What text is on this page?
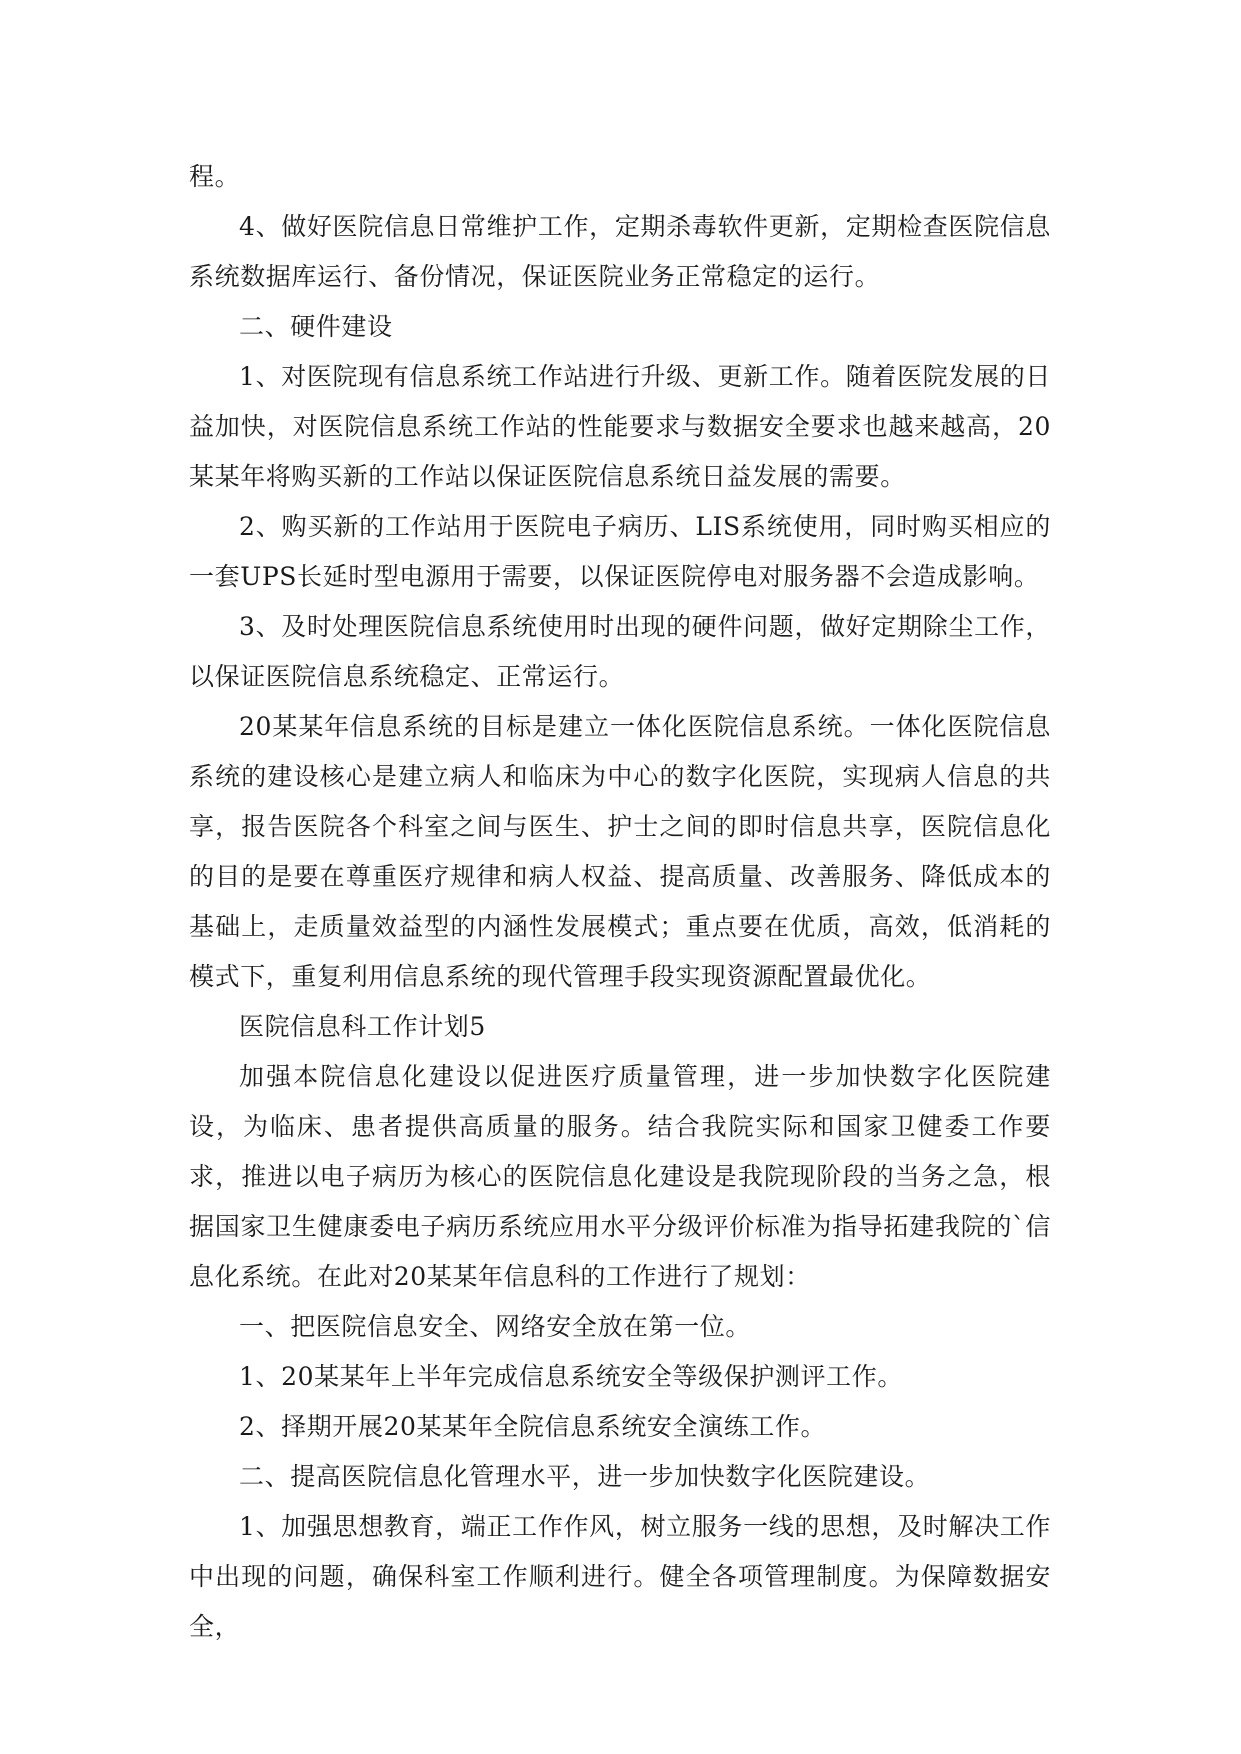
程。

4、做好医院信息日常维护工作，定期杀毒软件更新，定期检查医院信息系统数据库运行、备份情况，保证医院业务正常稳定的运行。

二、硬件建设

1、对医院现有信息系统工作站进行升级、更新工作。随着医院发展的日益加快，对医院信息系统工作站的性能要求与数据安全要求也越来越高，20某某年将购买新的工作站以保证医院信息系统日益发展的需要。

2、购买新的工作站用于医院电子病历、LIS系统使用，同时购买相应的一套UPS长延时型电源用于需要，以保证医院停电对服务器不会造成影响。

3、及时处理医院信息系统使用时出现的硬件问题，做好定期除尘工作，以保证医院信息系统稳定、正常运行。

20某某年信息系统的目标是建立一体化医院信息系统。一体化医院信息系统的建设核心是建立病人和临床为中心的数字化医院，实现病人信息的共享，报告医院各个科室之间与医生、护士之间的即时信息共享，医院信息化的目的是要在尊重医疗规律和病人权益、提高质量、改善服务、降低成本的基础上，走质量效益型的内涵性发展模式；重点要在优质，高效，低消耗的模式下，重复利用信息系统的现代管理手段实现资源配置最优化。

医院信息科工作计划5

加强本院信息化建设以促进医疗质量管理，进一步加快数字化医院建设，为临床、患者提供高质量的服务。结合我院实际和国家卫健委工作要求，推进以电子病历为核心的医院信息化建设是我院现阶段的当务之急，根据国家卫生健康委电子病历系统应用水平分级评价标准为指导拓建我院的`信息化系统。在此对20某某年信息科的工作进行了规划：

一、把医院信息安全、网络安全放在第一位。

1、20某某年上半年完成信息系统安全等级保护测评工作。

2、择期开展20某某年全院信息系统安全演练工作。

二、提高医院信息化管理水平，进一步加快数字化医院建设。

1、加强思想教育，端正工作作风，树立服务一线的思想，及时解决工作中出现的问题，确保科室工作顺利进行。健全各项管理制度。为保障数据安全，
